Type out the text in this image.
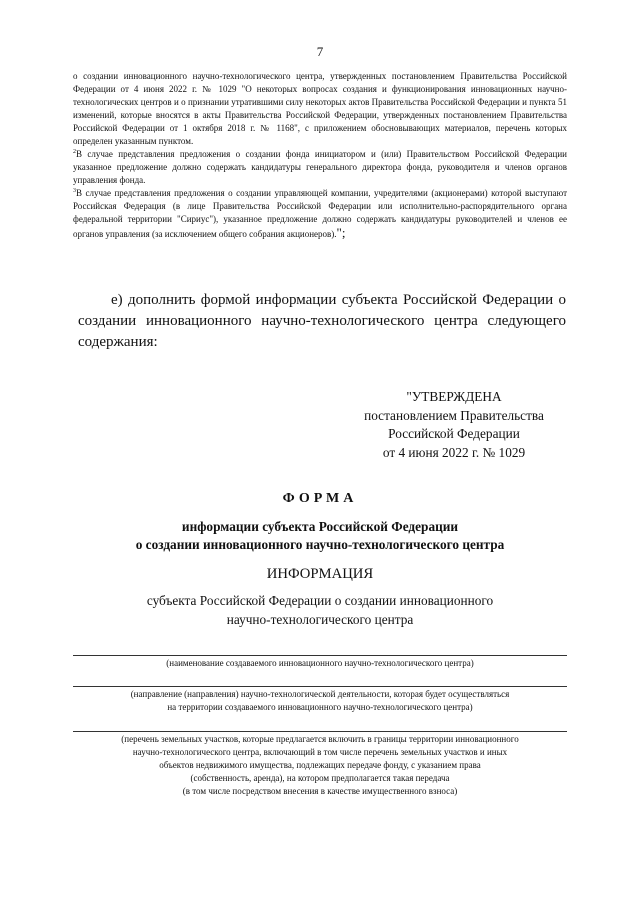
7

о создании инновационного научно-технологического центра, утвержденных постановлением Правительства Российской Федерации от 4 июня 2022 г. № 1029 "О некоторых вопросах создания и функционирования инновационных научно-технологических центров и о признании утратившими силу некоторых актов Правительства Российской Федерации и пункта 51 изменений, которые вносятся в акты Правительства Российской Федерации, утвержденных постановлением Правительства Российской Федерации от 1 октября 2018 г. № 1168", с приложением обосновывающих материалов, перечень которых определен указанным пунктом.

$^2$В случае представления предложения о создании фонда инициатором и (или) Правительством Российской Федерации указанное предложение должно содержать кандидатуры генерального директора фонда, руководителя и членов органов управления фонда.

$^3$В случае представления предложения о создании управляющей компании, учредителями (акционерами) которой выступают Российская Федерация (в лице Правительства Российской Федерации или исполнительно-распорядительного органа федеральной территории "Сириус"), указанное предложение должно содержать кандидатуры руководителей и членов ее органов управления (за исключением общего собрания акционеров).";

е) дополнить формой информации субъекта Российской Федерации о создании инновационного научно-технологического центра следующего содержания:

"УТВЕРЖДЕНА
постановлением Правительства
Российской Федерации
от 4 июня 2022 г. № 1029
ФОРМА
информации субъекта Российской Федерации
о создании инновационного научно-технологического центра
ИНФОРМАЦИЯ
субъекта Российской Федерации о создании инновационного
научно-технологического центра
(наименование создаваемого инновационного научно-технологического центра)
(направление (направления) научно-технологической деятельности, которая будет осуществляться
на территории создаваемого инновационного научно-технологического центра)
(перечень земельных участков, которые предлагается включить в границы территории инновационного
научно-технологического центра, включающий в том числе перечень земельных участков и иных
объектов недвижимого имущества, подлежащих передаче фонду, с указанием права
(собственность, аренда), на котором предполагается такая передача
(в том числе посредством внесения в качестве имущественного взноса)
